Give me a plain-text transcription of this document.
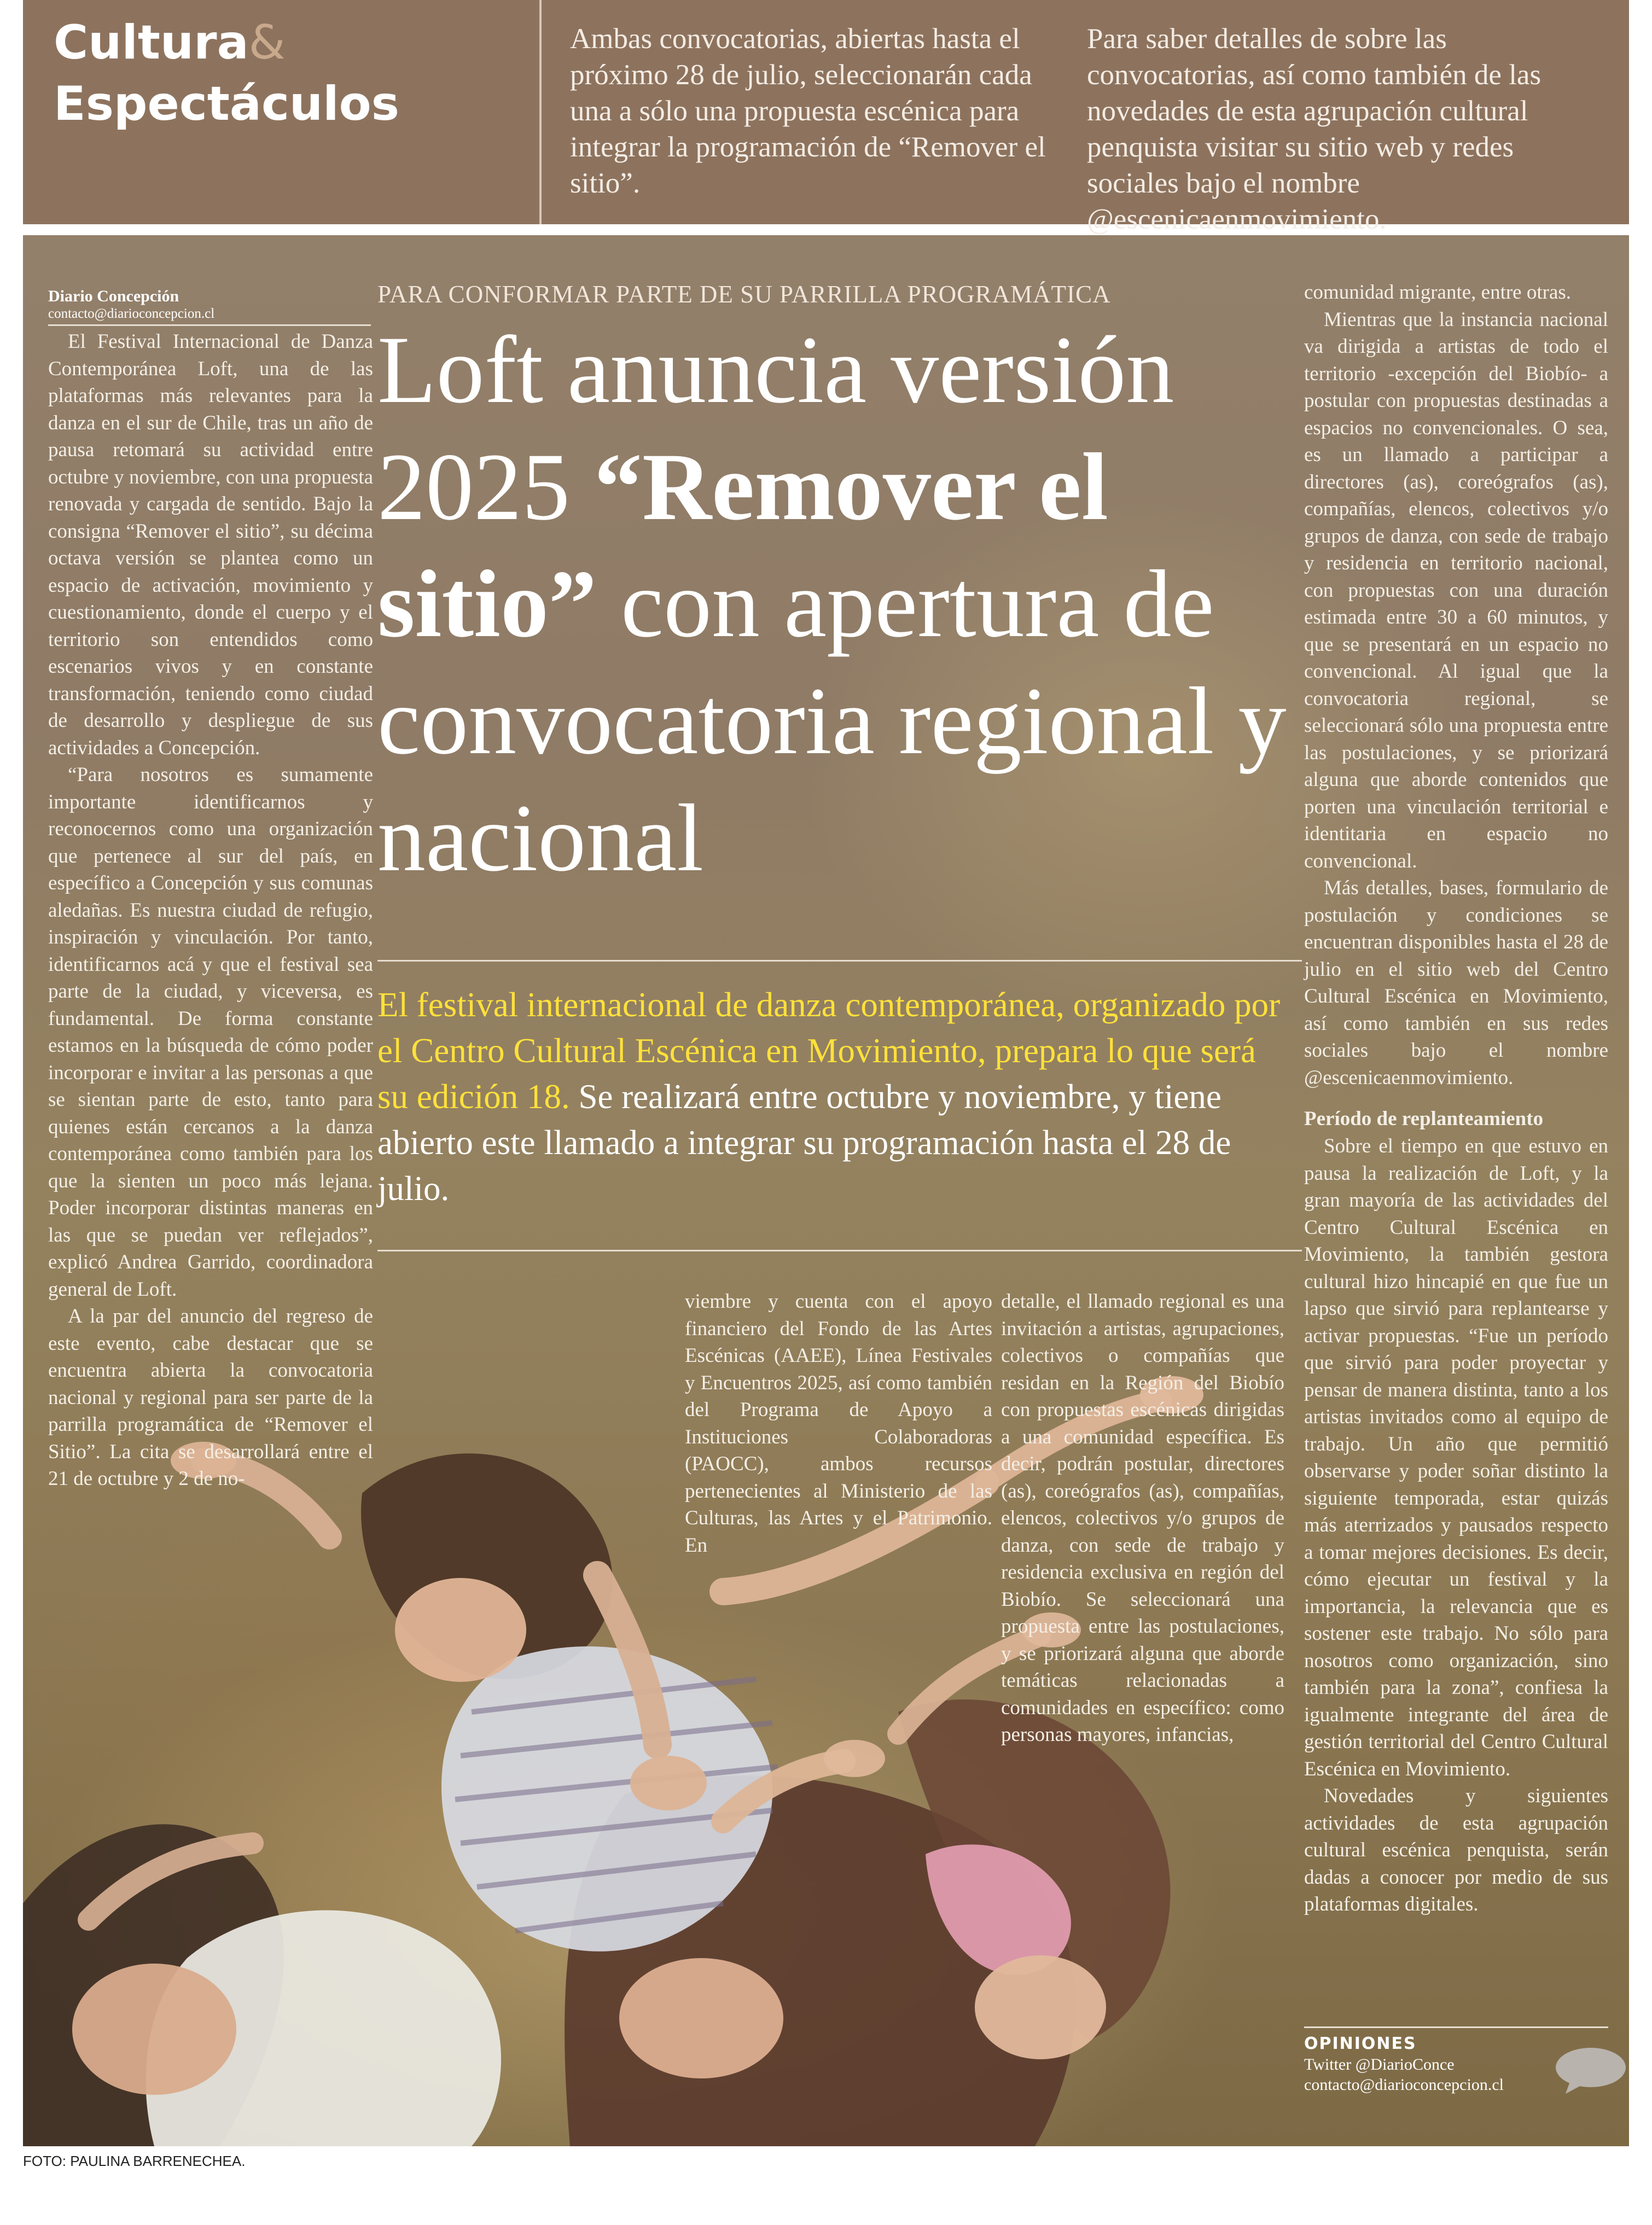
Cultura&
Espectáculos
Ambas convocatorias, abiertas hasta el próximo 28 de julio, seleccionarán cada una a sólo una propuesta escénica para integrar la programación de “Remover el sitio”.
Para saber detalles de sobre las convocatorias, así como también de las novedades de esta agrupación cultural penquista visitar su sitio web y redes sociales bajo el nombre @escenicaenmovimiento.
Diario Concepción
contacto@diarioconcepcion.cl

El Festival Internacional de Danza Contemporánea Loft, una de las plataformas más relevantes para la danza en el sur de Chile, tras un año de pausa retomará su actividad entre octubre y noviembre, con una propuesta renovada y cargada de sentido. Bajo la consigna “Remover el sitio”, su décima octava versión se plantea como un espacio de activación, movimiento y cuestionamiento, donde el cuerpo y el territorio son entendidos como escenarios vivos y en constante transformación, teniendo como ciudad de desarrollo y despliegue de sus actividades a Concepción.

“Para nosotros es sumamente importante identificarnos y reconocernos como una organización que pertenece al sur del país, en específico a Concepción y sus comunas aledañas. Es nuestra ciudad de refugio, inspiración y vinculación. Por tanto, identificarnos acá y que el festival sea parte de la ciudad, y viceversa, es fundamental. De forma constante estamos en la búsqueda de cómo poder incorporar e invitar a las personas a que se sientan parte de esto, tanto para quienes están cercanos a la danza contemporánea como también para los que la sienten un poco más lejana. Poder incorporar distintas maneras en las que se puedan ver reflejados”, explicó Andrea Garrido, coordinadora general de Loft.

A la par del anuncio del regreso de este evento, cabe destacar que se encuentra abierta la convocatoria nacional y regional para ser parte de la parrilla programática de “Remover el Sitio”. La cita se desarrollará entre el 21 de octubre y 2 de no-

PARA CONFORMAR PARTE DE SU PARRILLA PROGRAMÁTICA
Loft anuncia versión 2025 “Remover el sitio” con apertura de convocatoria regional y nacional
El festival internacional de danza contemporánea, organizado por el Centro Cultural Escénica en Movimiento, prepara lo que será su edición 18. Se realizará entre octubre y noviembre, y tiene abierto este llamado a integrar su programación hasta el 28 de julio.

viembre y cuenta con el apoyo financiero del Fondo de las Artes Escénicas (AAEE), Línea Festivales y Encuentros 2025, así como también del Programa de Apoyo a Instituciones Colaboradoras (PAOCC), ambos recursos pertenecientes al Ministerio de las Culturas, las Artes y el Patrimonio. En

detalle, el llamado regional es una invitación a artistas, agrupaciones, colectivos o compañías que residan en la Región del Biobío con propuestas escénicas dirigidas a una comunidad específica. Es decir, podrán postular, directores (as), coreógrafos (as), compañías, elencos, colectivos y/o grupos de danza, con sede de trabajo y residencia exclusiva en región del Biobío. Se seleccionará una propuesta entre las postulaciones, y se priorizará alguna que aborde temáticas relacionadas a comunidades en específico: como personas mayores, infancias,

comunidad migrante, entre otras.

Mientras que la instancia nacional va dirigida a artistas de todo el territorio -excepción del Biobío- a postular con propuestas destinadas a espacios no convencionales. O sea, es un llamado a participar a directores (as), coreógrafos (as), compañías, elencos, colectivos y/o grupos de danza, con sede de trabajo y residencia en territorio nacional, con propuestas con una duración estimada entre 30 a 60 minutos, y que se presentará en un espacio no convencional. Al igual que la convocatoria regional, se seleccionará sólo una propuesta entre las postulaciones, y se priorizará alguna que aborde contenidos que porten una vinculación territorial e identitaria en espacio no convencional.

Más detalles, bases, formulario de postulación y condiciones se encuentran disponibles hasta el 28 de julio en el sitio web del Centro Cultural Escénica en Movimiento, así como también en sus redes sociales bajo el nombre @escenicaenmovimiento.

Período de replanteamiento

Sobre el tiempo en que estuvo en pausa la realización de Loft, y la gran mayoría de las actividades del Centro Cultural Escénica en Movimiento, la también gestora cultural hizo hincapié en que fue un lapso que sirvió para replantearse y activar propuestas. “Fue un período que sirvió para poder proyectar y pensar de manera distinta, tanto a los artistas invitados como al equipo de trabajo. Un año que permitió observarse y poder soñar distinto la siguiente temporada, estar quizás más aterrizados y pausados respecto a tomar mejores decisiones. Es decir, cómo ejecutar un festival y la importancia, la relevancia que es sostener este trabajo. No sólo para nosotros como organización, sino también para la zona”, confiesa la igualmente integrante del área de gestión territorial del Centro Cultural Escénica en Movimiento.

Novedades y siguientes actividades de esta agrupación cultural escénica penquista, serán dadas a conocer por medio de sus plataformas digitales.

OPINIONES
Twitter @DiarioConce
contacto@diarioconcepcion.cl
FOTO: PAULINA BARRENECHEA.
